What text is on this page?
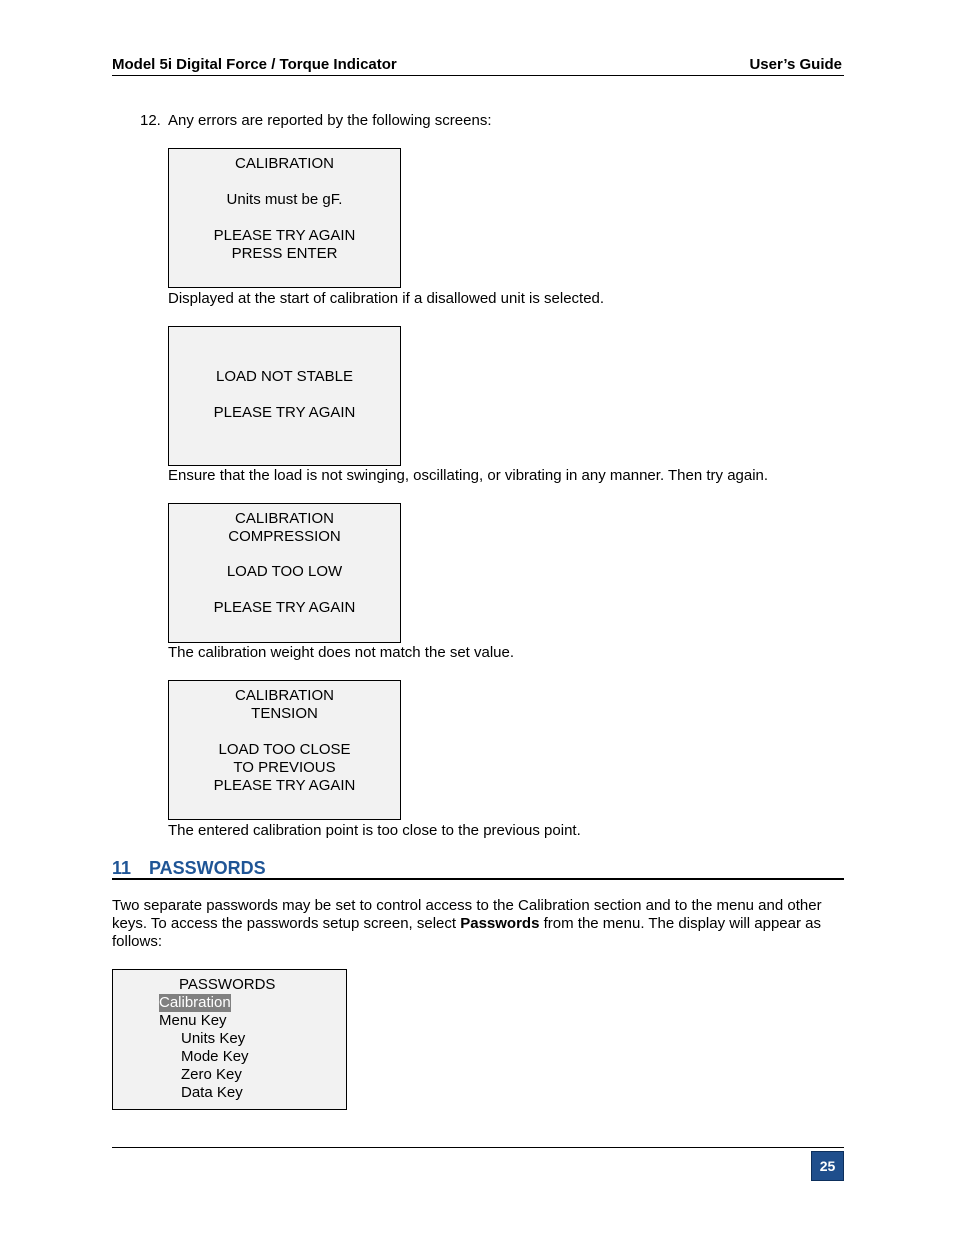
Model 5i Digital Force / Torque Indicator	User’s Guide
12. Any errors are reported by the following screens:
CALIBRATION
Units must be gF.
PLEASE TRY AGAIN
PRESS ENTER
Displayed at the start of calibration if a disallowed unit is selected.
LOAD NOT STABLE
PLEASE TRY AGAIN
Ensure that the load is not swinging, oscillating, or vibrating in any manner. Then try again.
CALIBRATION
COMPRESSION
LOAD TOO LOW
PLEASE TRY AGAIN
The calibration weight does not match the set value.
CALIBRATION
TENSION
LOAD TOO CLOSE
TO PREVIOUS
PLEASE TRY AGAIN
The entered calibration point is too close to the previous point.
11 PASSWORDS
Two separate passwords may be set to control access to the Calibration section and to the menu and other keys. To access the passwords setup screen, select Passwords from the menu. The display will appear as follows:
PASSWORDS
Calibration
Menu Key
Units Key
Mode Key
Zero Key
Data Key
25
